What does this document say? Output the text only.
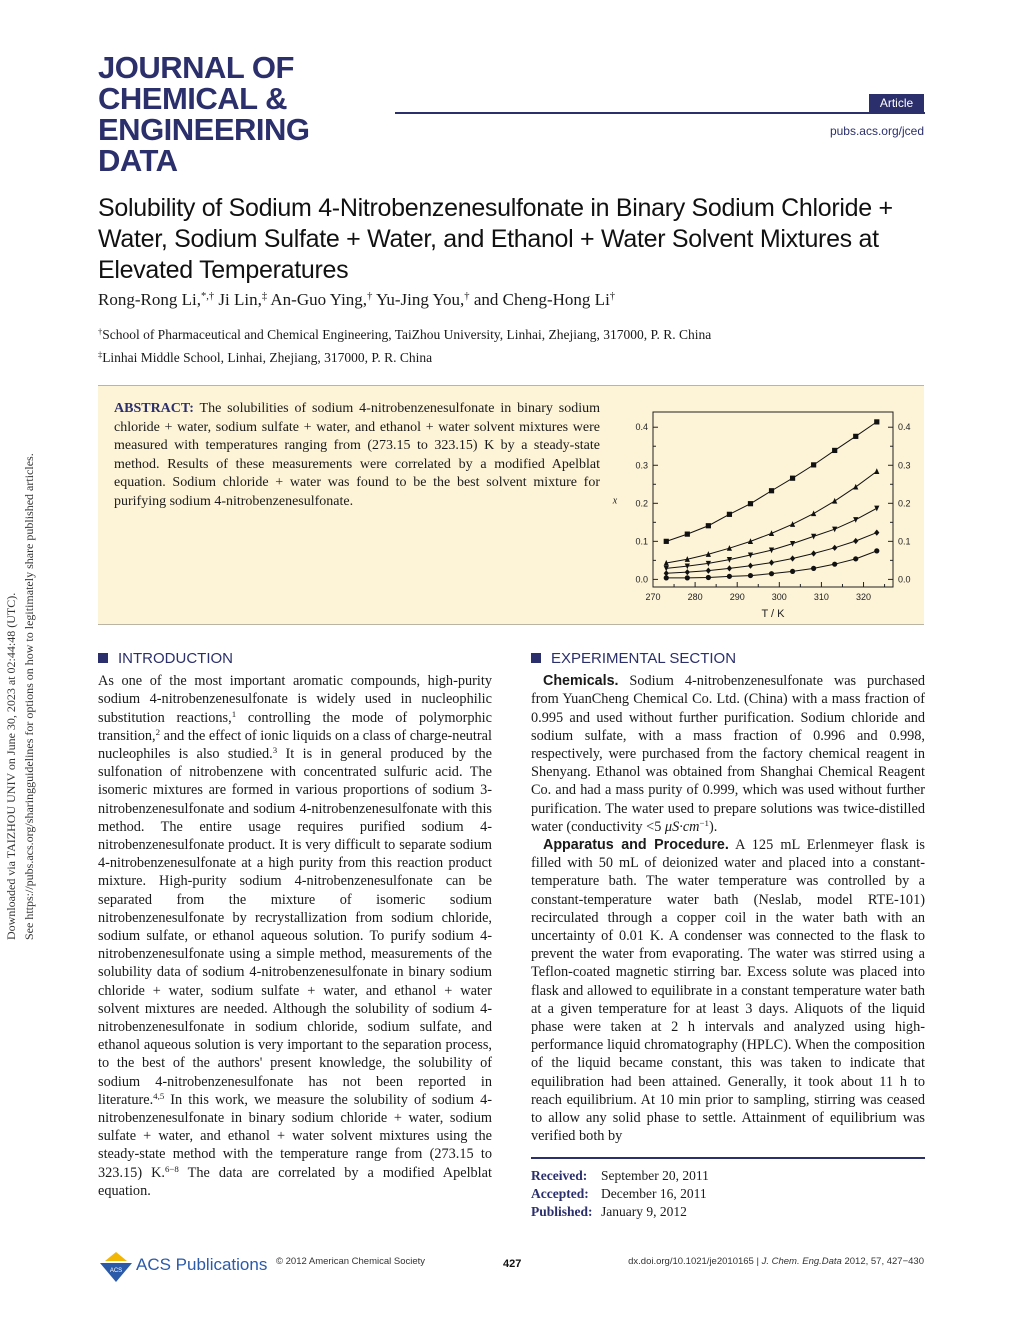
JOURNAL OF
CHEMICAL &
ENGINEERING
DATA
Article
pubs.acs.org/jced
Solubility of Sodium 4-Nitrobenzenesulfonate in Binary Sodium Chloride + Water, Sodium Sulfate + Water, and Ethanol + Water Solvent Mixtures at Elevated Temperatures
Rong-Rong Li,*,† Ji Lin,‡ An-Guo Ying,† Yu-Jing You,† and Cheng-Hong Li†
†School of Pharmaceutical and Chemical Engineering, TaiZhou University, Linhai, Zhejiang, 317000, P. R. China
‡Linhai Middle School, Linhai, Zhejiang, 317000, P. R. China
Downloaded via TAIZHOU UNIV on June 30, 2023 at 02:44:48 (UTC). See https://pubs.acs.org/sharingguidelines for options on how to legitimately share published articles.
ABSTRACT: The solubilities of sodium 4-nitrobenzenesulfonate in binary sodium chloride + water, sodium sulfate + water, and ethanol + water solvent mixtures were measured with temperatures ranging from (273.15 to 323.15) K by a steady-state method. Results of these measurements were correlated by a modified Apelblat equation. Sodium chloride + water was found to be the best solvent mixture for purifying sodium 4-nitrobenzenesulfonate.
270	280	290	300	310	320
0.0	0.0
0.1	0.1
0.2	0.2
0.3	0.3
0.4	0.4
x
T / K
INTRODUCTION

As one of the most important aromatic compounds, high-purity sodium 4-nitrobenzenesulfonate is widely used in nucleophilic substitution reactions,$^1$ controlling the mode of polymorphic transition,$^2$ and the effect of ionic liquids on a class of charge-neutral nucleophiles is also studied.$^3$ It is in general produced by the sulfonation of nitrobenzene with concentrated sulfuric acid. The isomeric mixtures are formed in various proportions of sodium 3-nitrobenzenesulfonate and sodium 4-nitrobenzenesulfonate with this method. The entire usage requires purified sodium 4-nitrobenzenesulfonate product. It is very difficult to separate sodium 4-nitrobenzenesulfonate at a high purity from this reaction product mixture. High-purity sodium 4-nitrobenzenesulfonate can be separated from the mixture of isomeric sodium nitrobenzenesulfonate by recrystallization from sodium chloride, sodium sulfate, or ethanol aqueous solution. To purify sodium 4-nitrobenzenesulfonate using a simple method, measurements of the solubility data of sodium 4-nitrobenzenesulfonate in binary sodium chloride + water, sodium sulfate + water, and ethanol + water solvent mixtures are needed. Although the solubility of sodium 4-nitrobenzenesulfonate in sodium chloride, sodium sulfate, and ethanol aqueous solution is very important to the separation process, to the best of the authors' present knowledge, the solubility of sodium 4-nitrobenzenesulfonate has not been reported in literature.$^{4,5}$ In this work, we measure the solubility of sodium 4-nitrobenzenesulfonate in binary sodium chloride + water, sodium sulfate + water, and ethanol + water solvent mixtures using the steady-state method with the temperature range from (273.15 to 323.15) K.$^{6-8}$ The data are correlated by a modified Apelblat equation.

EXPERIMENTAL SECTION

Chemicals. Sodium 4-nitrobenzenesulfonate was purchased from YuanCheng Chemical Co. Ltd. (China) with a mass fraction of 0.995 and used without further purification. Sodium chloride and sodium sulfate, with a mass fraction of 0.996 and 0.998, respectively, were purchased from the factory chemical reagent in Shenyang. Ethanol was obtained from Shanghai Chemical Reagent Co. and had a mass purity of 0.999, which was used without further purification. The water used to prepare solutions was twice-distilled water (conductivity <5 $\mu S\cdot cm^{-1}$).

Apparatus and Procedure. A 125 mL Erlenmeyer flask is filled with 50 mL of deionized water and placed into a constant-temperature bath. The water temperature was controlled by a constant-temperature water bath (Neslab, model RTE-101) recirculated through a copper coil in the water bath with an uncertainty of 0.01 K. A condenser was connected to the flask to prevent the water from evaporating. The water was stirred using a Teflon-coated magnetic stirring bar. Excess solute was placed into flask and allowed to equilibrate in a constant temperature water bath at a given temperature for at least 3 days. Aliquots of the liquid phase were taken at 2 h intervals and analyzed using high-performance liquid chromatography (HPLC). When the composition of the liquid became constant, this was taken to indicate that equilibration had been attained. Generally, it took about 11 h to reach equilibrium. At 10 min prior to sampling, stirring was ceased to allow any solid phase to settle. Attainment of equilibrium was verified both by

Received: September 20, 2011
Accepted: December 16, 2011
Published: January 9, 2012
ACS ACS Publications © 2012 American Chemical Society	427	dx.doi.org/10.1021/je2010165 | J. Chem. Eng.Data 2012, 57, 427−430
